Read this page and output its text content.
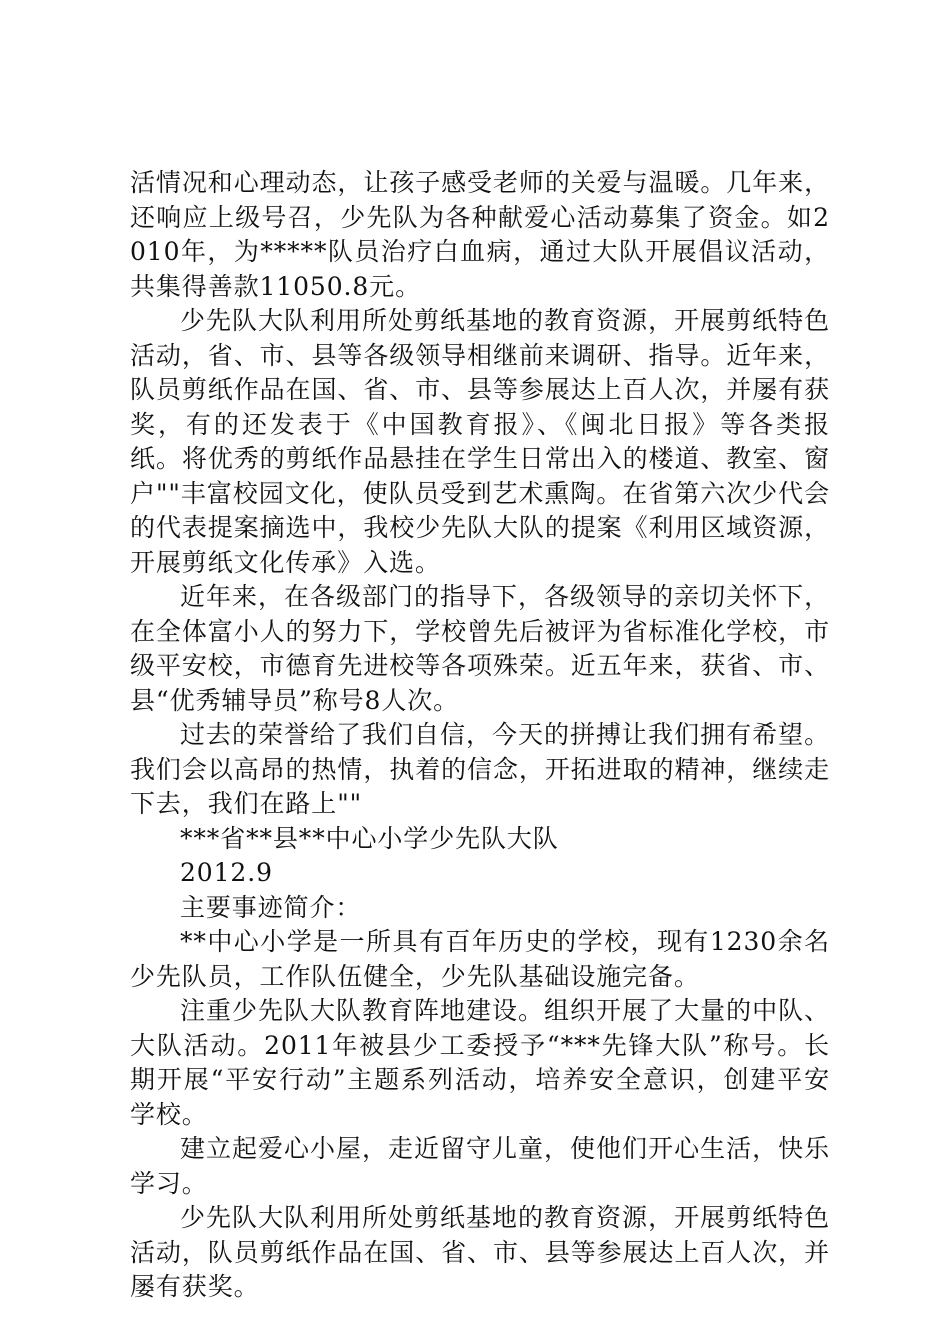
活情况和心理动态，让孩子感受老师的关爱与温暖。几年来，还响应上级号召，少先队为各种献爱心活动募集了资金。如2010年，为*****队员治疗白血病，通过大队开展倡议活动，共集得善款11050.8元。

少先队大队利用所处剪纸基地的教育资源，开展剪纸特色活动，省、市、县等各级领导相继前来调研、指导。近年来，队员剪纸作品在国、省、市、县等参展达上百人次，并屡有获奖，有的还发表于《中国教育报》、《闽北日报》等各类报纸。将优秀的剪纸作品悬挂在学生日常出入的楼道、教室、窗户""丰富校园文化，使队员受到艺术熏陶。在省第六次少代会的代表提案摘选中，我校少先队大队的提案《利用区域资源，开展剪纸文化传承》入选。

近年来，在各级部门的指导下，各级领导的亲切关怀下，在全体富小人的努力下，学校曾先后被评为省标准化学校，市级平安校，市德育先进校等各项殊荣。近五年来，获省、市、县“优秀辅导员”称号8人次。

过去的荣誉给了我们自信，今天的拼搏让我们拥有希望。我们会以高昂的热情，执着的信念，开拓进取的精神，继续走下去，我们在路上""

***省**县**中心小学少先队大队

2012.9

主要事迹简介：

**中心小学是一所具有百年历史的学校，现有1230余名少先队员，工作队伍健全，少先队基础设施完备。

注重少先队大队教育阵地建设。组织开展了大量的中队、大队活动。2011年被县少工委授予“***先锋大队”称号。长期开展“平安行动”主题系列活动，培养安全意识，创建平安学校。

建立起爱心小屋，走近留守儿童，使他们开心生活，快乐学习。

少先队大队利用所处剪纸基地的教育资源，开展剪纸特色活动，队员剪纸作品在国、省、市、县等参展达上百人次，并屡有获奖。
